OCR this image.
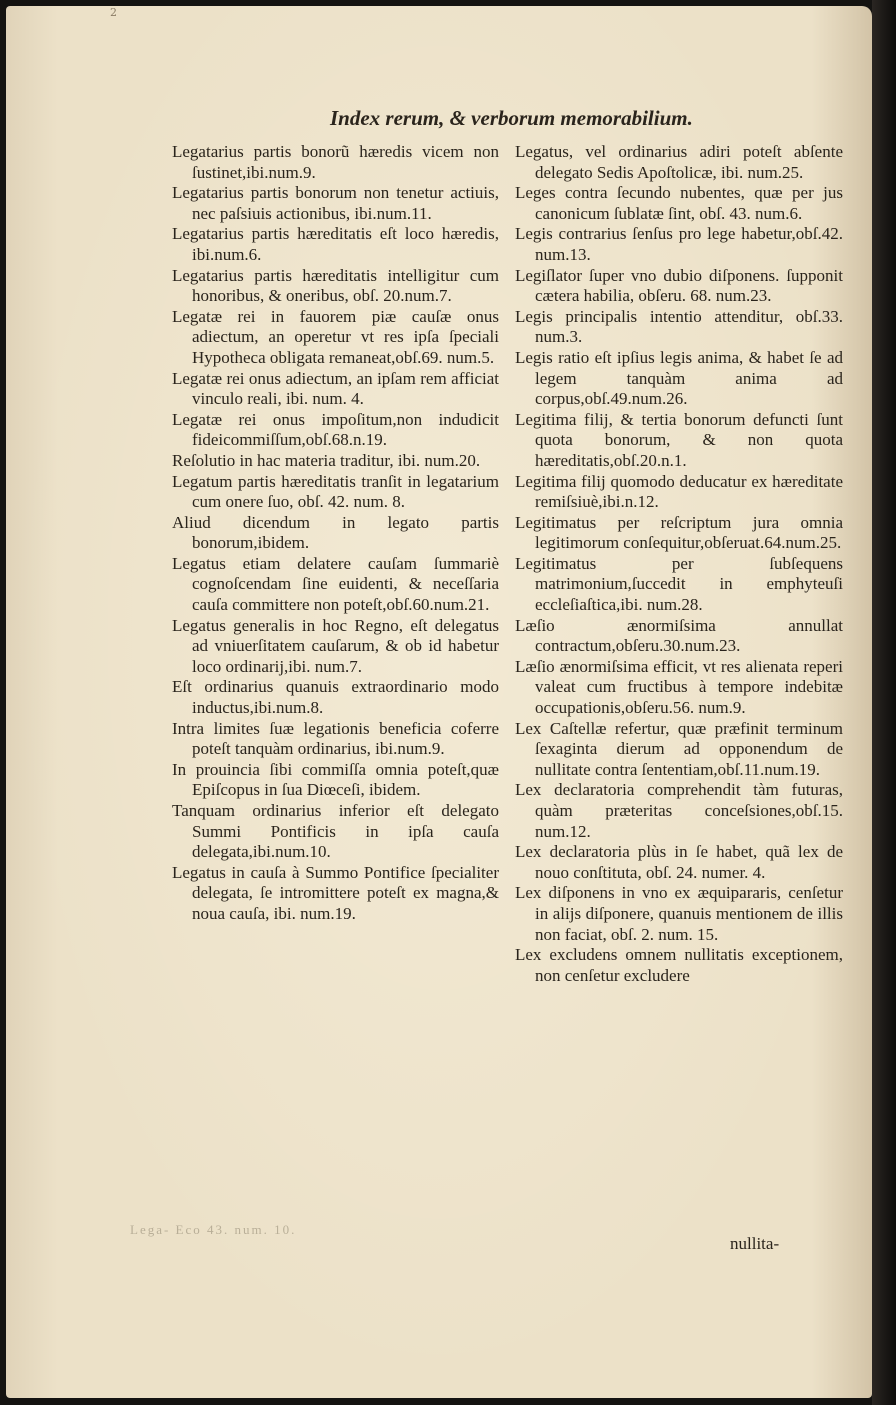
2
Lega- Eco 43. num. 10.
Index rerum, & verborum memorabilium.
Legatarius partis bonorũ hæredis vicem non ſustinet,ibi.num.9.
Legatarius partis bonorum non tenetur actiuis, nec paſsiuis actionibus, ibi.num.11.
Legatarius partis hæreditatis eſt loco hæredis, ibi.num.6.
Legatarius partis hæreditatis intelligitur cum honoribus, & oneribus, obſ. 20.num.7.
Legatæ rei in fauorem piæ cauſæ onus adiectum, an operetur vt res ipſa ſpeciali Hypotheca obligata remaneat,obſ.69. num.5.
Legatæ rei onus adiectum, an ipſam rem afficiat vinculo reali, ibi. num. 4.
Legatæ rei onus impoſitum,non indudicit fideicommiſſum,obſ.68.n.19.
Reſolutio in hac materia traditur, ibi. num.20.
Legatum partis hæreditatis tranſit in legatarium cum onere ſuo, obſ. 42. num. 8.
Aliud dicendum in legato partis bonorum,ibidem.
Legatus etiam delatere cauſam ſummariè cognoſcendam ſine euidenti, & neceſſaria cauſa committere non poteſt,obſ.60.num.21.
Legatus generalis in hoc Regno, eſt delegatus ad vniuerſitatem cauſarum, & ob id habetur loco ordinarij,ibi. num.7.
Eſt ordinarius quanuis extraordinario modo inductus,ibi.num.8.
Intra limites ſuæ legationis beneficia coferre poteſt tanquàm ordinarius, ibi.num.9.
In prouincia ſibi commiſſa omnia poteſt,quæ Epiſcopus in ſua Diœceſi, ibidem.
Tanquam ordinarius inferior eſt delegato Summi Pontificis in ipſa cauſa delegata,ibi.num.10.
Legatus in cauſa à Summo Pontifice ſpecialiter delegata, ſe intromittere poteſt ex magna,& noua cauſa, ibi. num.19.
Legatus, vel ordinarius adiri poteſt abſente delegato Sedis Apoſtolicæ, ibi. num.25.
Leges contra ſecundo nubentes, quæ per jus canonicum ſublatæ ſint, obſ. 43. num.6.
Legis contrarius ſenſus pro lege habetur,obſ.42. num.13.
Legiſlator ſuper vno dubio diſponens. ſupponit cætera habilia, obſeru. 68. num.23.
Legis principalis intentio attenditur, obſ.33. num.3.
Legis ratio eſt ipſius legis anima, & habet ſe ad legem tanquàm anima ad corpus,obſ.49.num.26.
Legitima filij, & tertia bonorum defuncti ſunt quota bonorum, & non quota hæreditatis,obſ.20.n.1.
Legitima filij quomodo deducatur ex hæreditate remiſsiuè,ibi.n.12.
Legitimatus per reſcriptum jura omnia legitimorum conſequitur,obſeruat.64.num.25.
Legitimatus per ſubſequens matrimonium,ſuccedit in emphyteuſi eccleſiaſtica,ibi. num.28.
Læſio ænormiſsima annullat contractum,obſeru.30.num.23.
Læſio ænormiſsima efficit, vt res alienata reperi valeat cum fructibus à tempore indebitæ occupationis,obſeru.56. num.9.
Lex Caſtellæ refertur, quæ præfinit terminum ſexaginta dierum ad opponendum de nullitate contra ſententiam,obſ.11.num.19.
Lex declaratoria comprehendit tàm futuras, quàm præteritas conceſsiones,obſ.15. num.12.
Lex declaratoria plùs in ſe habet, quã lex de nouo conſtituta, obſ. 24. numer. 4.
Lex diſponens in vno ex æquipararis, cenſetur in alijs diſponere, quanuis mentionem de illis non faciat, obſ. 2. num. 15.
Lex excludens omnem nullitatis exceptionem, non cenſetur excludere
nullita-
